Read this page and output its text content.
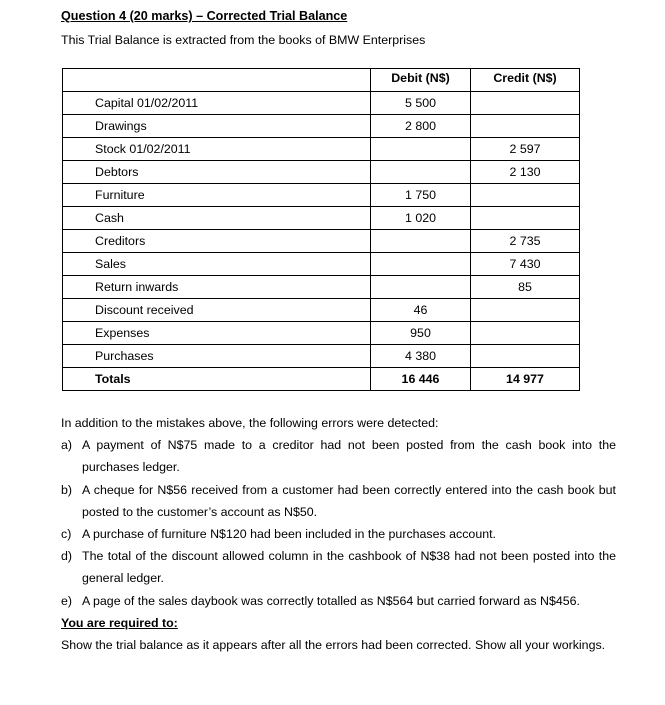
Question 4 (20 marks) – Corrected Trial Balance
This Trial Balance is extracted from the books of BMW Enterprises
	Debit (N$)	Credit (N$)
Capital 01/02/2011	5 500	
Drawings	2 800	
Stock 01/02/2011		2 597
Debtors		2 130
Furniture	1 750	
Cash	1 020	
Creditors		2 735
Sales		7 430
Return inwards		85
Discount received	46	
Expenses	950	
Purchases	4 380	
Totals	16 446	14 977

In addition to the mistakes above, the following errors were detected:

a) A payment of N$75 made to a creditor had not been posted from the cash book into the purchases ledger.
b) A cheque for N$56 received from a customer had been correctly entered into the cash book but posted to the customer’s account as N$50.
c) A purchase of furniture N$120 had been included in the purchases account.
d) The total of the discount allowed column in the cashbook of N$38 had not been posted into the general ledger.
e) A page of the sales daybook was correctly totalled as N$564 but carried forward as N$456.

You are required to:

Show the trial balance as it appears after all the errors had been corrected. Show all your workings.
